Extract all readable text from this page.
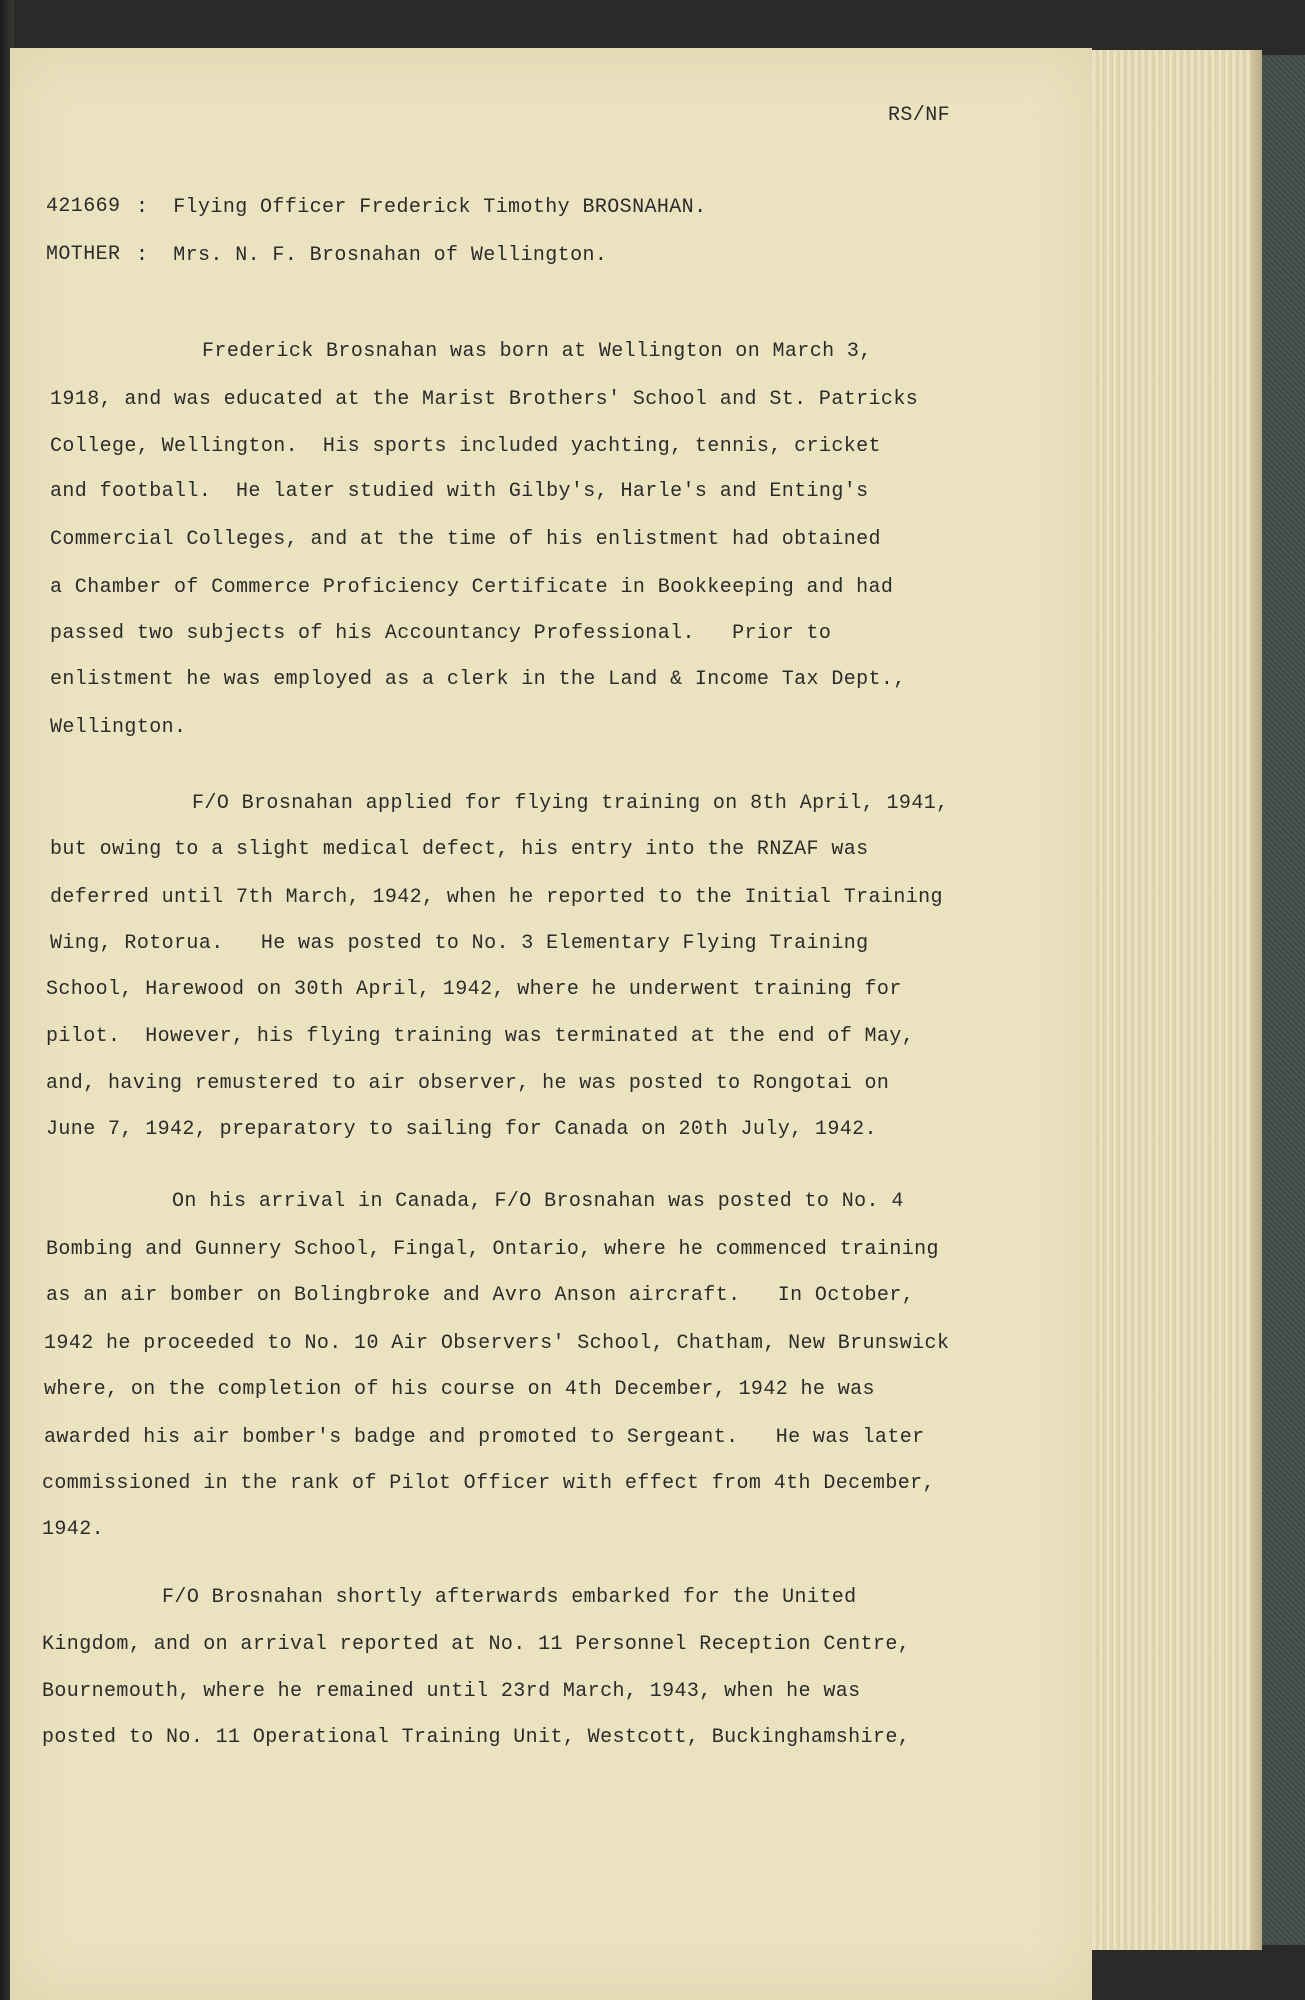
RS/NF
421669 :  Flying Officer Frederick Timothy BROSNAHAN.
MOTHER :  Mrs. N. F. Brosnahan of Wellington.
Frederick Brosnahan was born at Wellington on March 3,
1918, and was educated at the Marist Brothers' School and St. Patricks
College, Wellington.  His sports included yachting, tennis, cricket
and football.  He later studied with Gilby's, Harle's and Enting's
Commercial Colleges, and at the time of his enlistment had obtained
a Chamber of Commerce Proficiency Certificate in Bookkeeping and had
passed two subjects of his Accountancy Professional.   Prior to
enlistment he was employed as a clerk in the Land & Income Tax Dept.,
Wellington.
F/O Brosnahan applied for flying training on 8th April, 1941,
but owing to a slight medical defect, his entry into the RNZAF was
deferred until 7th March, 1942, when he reported to the Initial Training
Wing, Rotorua.   He was posted to No. 3 Elementary Flying Training
School, Harewood on 30th April, 1942, where he underwent training for
pilot.  However, his flying training was terminated at the end of May,
and, having remustered to air observer, he was posted to Rongotai on
June 7, 1942, preparatory to sailing for Canada on 20th July, 1942.
On his arrival in Canada, F/O Brosnahan was posted to No. 4
Bombing and Gunnery School, Fingal, Ontario, where he commenced training
as an air bomber on Bolingbroke and Avro Anson aircraft.   In October,
1942 he proceeded to No. 10 Air Observers' School, Chatham, New Brunswick
where, on the completion of his course on 4th December, 1942 he was
awarded his air bomber's badge and promoted to Sergeant.   He was later
commissioned in the rank of Pilot Officer with effect from 4th December,
1942.
F/O Brosnahan shortly afterwards embarked for the United
Kingdom, and on arrival reported at No. 11 Personnel Reception Centre,
Bournemouth, where he remained until 23rd March, 1943, when he was
posted to No. 11 Operational Training Unit, Westcott, Buckinghamshire,
